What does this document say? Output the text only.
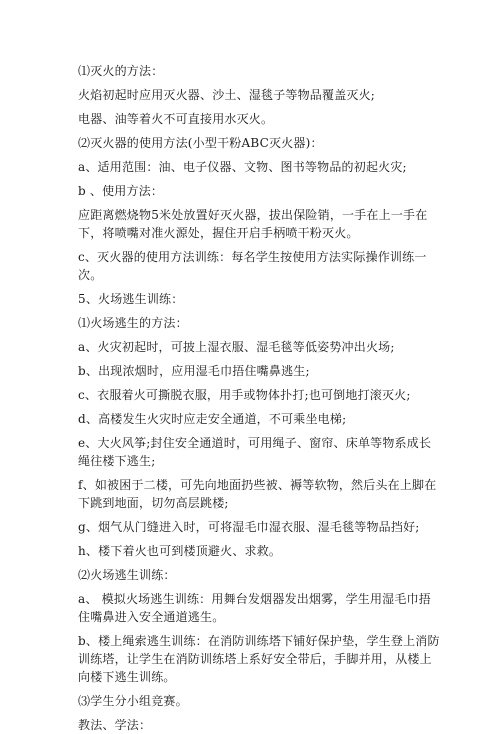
⑴灭火的方法：

火焰初起时应用灭火器、沙土、湿毯子等物品覆盖灭火;

电器、油等着火不可直接用水灭火。

⑵灭火器的使用方法(小型干粉ABC灭火器)：

a、适用范围：油、电子仪器、文物、图书等物品的初起火灾;

b 、使用方法：

应距离燃烧物5米处放置好灭火器，拔出保险销，一手在上一手在下，将喷嘴对准火源处，握住开启手柄喷干粉灭火。

c、灭火器的使用方法训练：每名学生按使用方法实际操作训练一次。

5、火场逃生训练：

⑴火场逃生的方法：

a、火灾初起时，可披上湿衣服、湿毛毯等低姿势冲出火场;

b、出现浓烟时，应用湿毛巾捂住嘴鼻逃生;

c、衣服着火可撕脱衣服，用手或物体扑打;也可倒地打滚灭火;

d、高楼发生火灾时应走安全通道，不可乘坐电梯;

e、大火风筝;封住安全通道时，可用绳子、窗帘、床单等物系成长绳往楼下逃生;

f、如被困于二楼，可先向地面扔些被、褥等软物，然后头在上脚在下跳到地面，切勿高层跳楼;

g、烟气从门缝进入时，可将湿毛巾湿衣服、湿毛毯等物品挡好;

h、楼下着火也可到楼顶避火、求救。

⑵火场逃生训练：

a、 模拟火场逃生训练：用舞台发烟器发出烟雾，学生用湿毛巾捂住嘴鼻进入安全通道逃生。

b、楼上绳索逃生训练：在消防训练塔下铺好保护垫，学生登上消防训练塔，让学生在消防训练塔上系好安全带后，手脚并用，从楼上向楼下逃生训练。

⑶学生分小组竞赛。

教法、学法：
